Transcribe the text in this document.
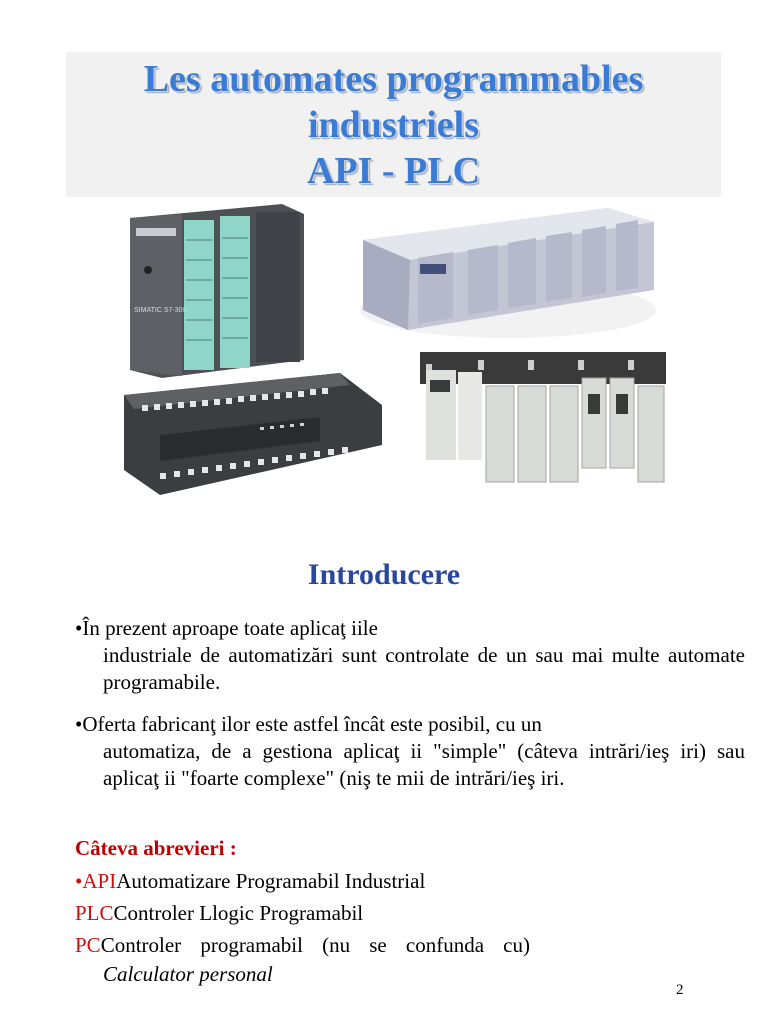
Les automates programmables
industriels
API - PLC
SIMATIC S7-300
Introducere
•În prezent aproape toate aplicaţ iile
industriale de automatizări sunt controlate de un sau mai multe automate programabile.
•Oferta fabricanţ ilor este astfel încât este posibil, cu un
automatiza, de a gestiona aplicaţ ii "simple" (câteva intrări/ieş iri) sau aplicaţ ii "foarte complexe" (niş te mii de intrări/ieş iri.
Câteva abrevieri :
•APIAutomatizare Programabil Industrial
PLCControler Llogic Programabil
PCControler programabil (nu se confunda cu)
Calculator personal
2
